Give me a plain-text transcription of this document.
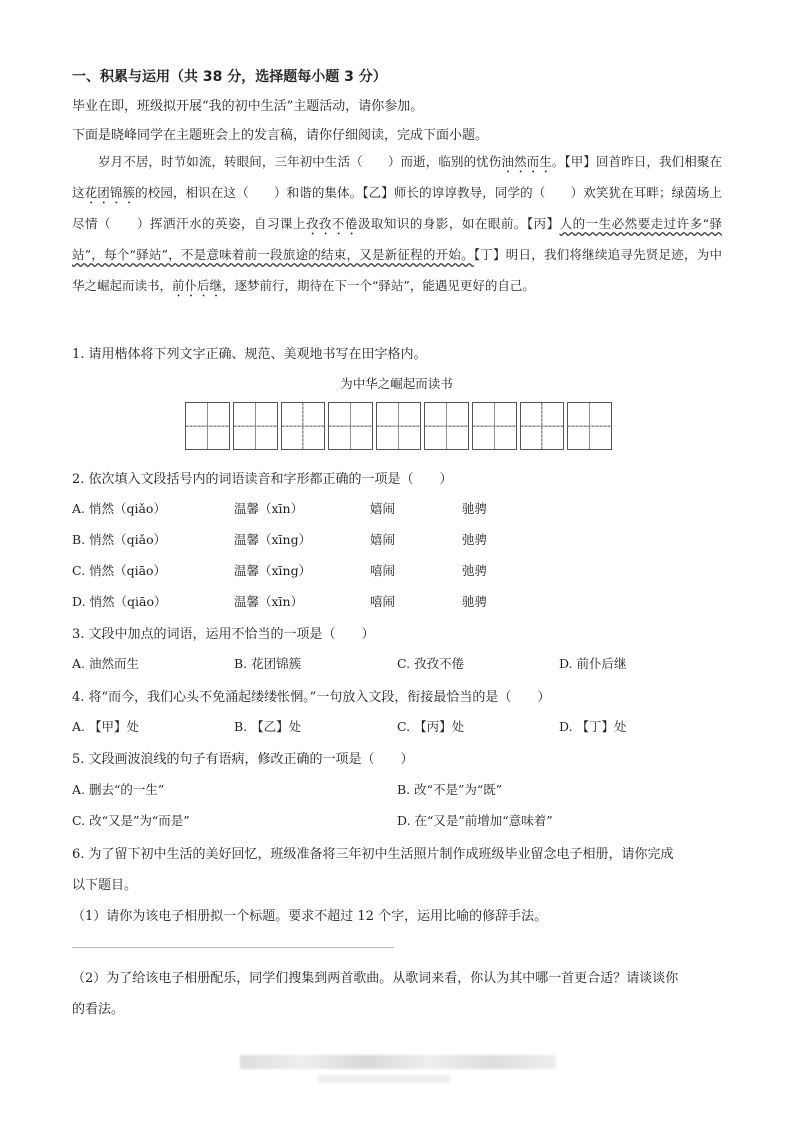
一、积累与运用（共 38 分，选择题每小题 3 分）
毕业在即，班级拟开展“我的初中生活”主题活动，请你参加。
下面是晓峰同学在主题班会上的发言稿，请你仔细阅读，完成下面小题。
岁月不居，时节如流，转眼间，三年初中生活（　　）而逝，临别的忧伤油然而生。【甲】回首昨日，我们相聚在这花团锦簇的校园，相识在这（　　）和谐的集体。【乙】师长的谆谆教导，同学的（　　）欢笑犹在耳畔；绿茵场上尽情（　　）挥洒汗水的英姿，自习课上孜孜不倦汲取知识的身影，如在眼前。【丙】人的一生必然要走过许多“驿站”，每个“驿站”，不是意味着前一段旅途的结束，又是新征程的开始。【丁】明日，我们将继续追寻先贤足迹，为中华之崛起而读书，前仆后继，逐梦前行，期待在下一个“驿站”，能遇见更好的自己。
1. 请用楷体将下列文字正确、规范、美观地书写在田字格内。
为中华之崛起而读书
2. 依次填入文段括号内的词语读音和字形都正确的一项是（　　）
A. 悄然（qiǎo）	温馨（xīn）	嬉闹	驰骋
B. 悄然（qiǎo）	温馨（xīng）	嬉闹	弛骋
C. 悄然（qiāo）	温馨（xīng）	嘻闹	弛骋
D. 悄然（qiāo）	温馨（xīn）	嘻闹	驰骋
3. 文段中加点的词语，运用不恰当的一项是（　　）
A. 油然而生	B. 花团锦簇	C. 孜孜不倦	D. 前仆后继
4. 将“而今，我们心头不免涌起缕缕怅惘。”一句放入文段，衔接最恰当的是（　　）
A. 【甲】处	B. 【乙】处	C. 【丙】处	D. 【丁】处
5. 文段画波浪线的句子有语病，修改正确的一项是（　　）
A. 删去“的一生”	B. 改“不是”为“既”
C. 改“又是”为“而是”	D. 在“又是”前增加“意味着”
6. 为了留下初中生活的美好回忆，班级准备将三年初中生活照片制作成班级毕业留念电子相册，请你完成
以下题目。
（1）请你为该电子相册拟一个标题。要求不超过 12 个字，运用比喻的修辞手法。
（2）为了给该电子相册配乐，同学们搜集到两首歌曲。从歌词来看，你认为其中哪一首更合适？请谈谈你
的看法。
